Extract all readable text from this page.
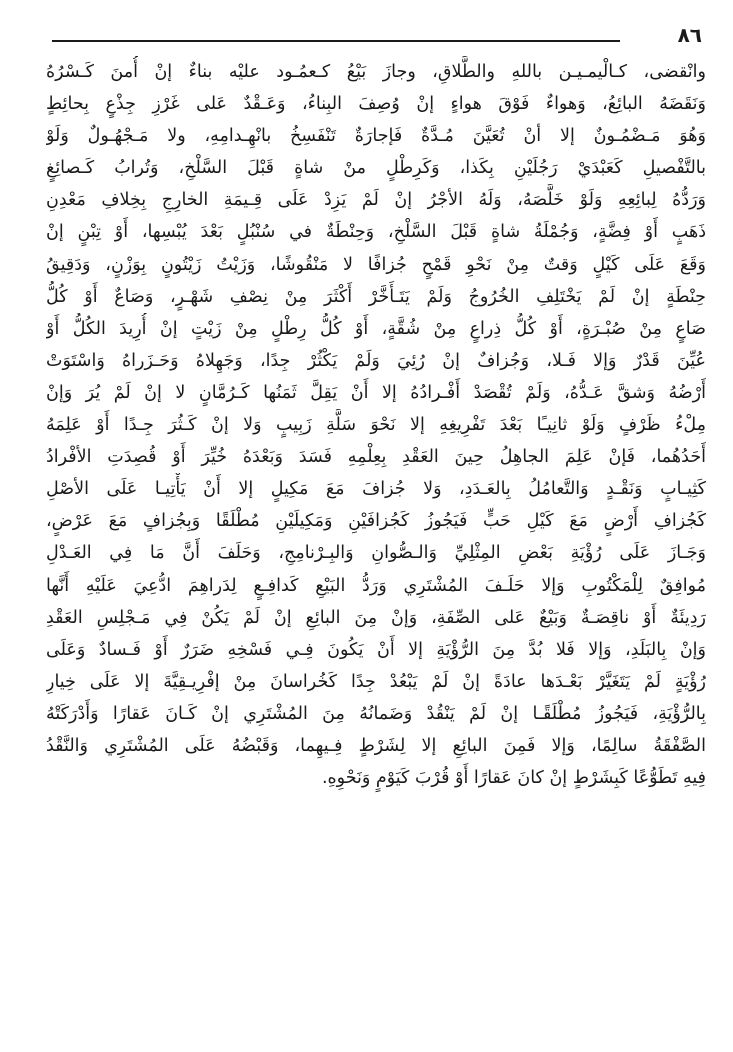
٨٦
وانْقضى، كـالْيمـيـن باللهِ والطَّلاقِ، وجازَ بَيْعُ كـعمُـود عليْه بناءٌ إنْ أُمنَ كَـسْرُهُ
وَنَقَضَهُ البائِعُ، وَهواءٌ فَوْقَ هواءٍ إنْ وُصِفَ البِناءُ، وَعَـقْدٌ عَلى غَرْزِ جِذْعٍ بِحائِطٍ
وَهُوَ مَـضْمُـونٌ إلا أنْ تُعَيَّنَ مُـدَّةٌ فَإجارَةٌ تَنْفَسِخُ بانْهِـدامِهِ، ولا مَـجْهُـولٌ وَلَوْ
بالتَّفْصيلِ كَعَبْدَيْ رَجُلَيْنِ بِكَذا، وَكَرِطْلٍ منْ شاةٍ قَبْلَ السَّلْخِ، وَتُرابُ كَـصائِغٍ
وَرَدُّهُ لِبائِعِهِ وَلَوْ خَلَّصَهُ، وَلَهُ الأجْرُ إنْ لَمْ يَزِدْ عَلَى قِـيمَةِ الخارِجِ بِخِلافِ مَعْدِنِ
ذَهَبٍ أَوْ فِضَّةٍ، وَجُمْلَةُ شاةٍ قَبْلَ السَّلْخِ، وَحِنْطَةٌ في سُنْبُلٍ بَعْدَ يُبْسِها، أَوْ تِبْنٍ إنْ
وَقَعَ عَلَى كَيْلٍ وَقتٌ مِنْ نَحْوِ قَمْحٍ جُزافًا لا مَنْقُوشًا، وَزَيْتُ زَيْتُونٍ بِوَزْنٍ، وَدَقِيقُ
حِنْطَةٍ إنْ لَمْ يَخْتَلِفِ الخُرُوجُ وَلَمْ يَتَـأَخَّرْ أَكْثَرَ مِنْ نِصْفِ شَهْـرٍ، وَصَاعٌ أَوْ كُلُّ
صَاعٍ مِنْ صُبْـرَةٍ، أَوْ كُلُّ ذِراعٍ مِنْ شُقَّةٍ، أَوْ كُلُّ رِطْلٍ مِنْ زَيْتٍ إنْ أُرِيدَ الكُلُّ أَوْ
عُيِّنَ قَدْرٌ وَإلا فَـلا، وَجُزافٌ إنْ رُئِيَ وَلَمْ يَكْثُرْ جِدًا، وَجَهِلاهُ وَحَـزَراهُ وَاسْتَوَتْ
أَرْضُهُ وَشقَّ عَـدُّهُ، وَلَمْ تُقْصَدْ أَفْـرادُهُ إلا أَنْ يَقِلَّ ثَمَنُها كَـرُمَّانٍ لا إنْ لَمْ يُرَ وَإنْ
مِلْءُ ظَرْفٍ وَلَوْ ثانِيـًا بَعْدَ تَفْرِيغِهِ إلا نَحْوَ سَلَّةِ زَبِيبٍ وَلا إنْ كَـثُرَ جِـدًا أَوْ عَلِمَهُ
أَحَدُهُما، فَإنْ عَلِمَ الجاهِلُ حِينَ العَقْدِ بِعِلْمِهِ فَسَدَ وَبَعْدَهُ خُيِّرَ أَوْ قُصِدَتِ الأفْرادُ
كَثِيـابٍ وَنَقْـدٍ وَالتَّعامُلُ بِالعَـدَدِ، وَلا جُزافَ مَعَ مَكِيلٍ إلا أَنْ يَأْتِيـا عَلَى الأصْلِ
كَجُزافِ أَرْضٍ مَعَ كَيْلِ حَبٍّ فَيَجُوزُ كَجُزافَيْنِ وَمَكِيلَيْنِ مُطْلَقًا وَبِجُزافٍ مَعَ عَرْضٍ،
وَجَـازَ عَلَى رُؤْيَةِ بَعْضِ المِثْلِيِّ وَالـصُّوانِ وَالبِـرْنامِجِ، وَحَلَفَ أَنَّ مَا فِي العَـدْلِ
مُوافِقٌ لِلْمَكْتُوبِ وَإلا حَلَـفَ المُشْتَرِي وَرَدُّ البَيْعِ كَدافِـعٍ لِدَراهِمَ ادُّعِيَ عَلَيْهِ أَنَّها
رَدِيئَةٌ أَوْ ناقِصَـةٌ وَبَيْعٌ عَلى الصِّفَةِ، وَإنْ مِنَ البائِعِ إنْ لَمْ يَكُنْ فِي مَـجْلِسِ العَقْدِ
وَإنْ بِالبَلَدِ، وَإلا فَلا بُدَّ مِنَ الرُّؤْيَةِ إلا أَنْ يَكُونَ فِـي فَسْخِهِ ضَرَرٌ أَوْ فَـسادٌ وَعَلَى
رُؤْيَةٍ لَمْ يَتَغَيَّرْ بَعْـدَها عادَةً إنْ لَمْ يَبْعُدْ جِدًا كَخُراسانَ مِنْ إفْرِيـقِيَّةَ إلا عَلَى خِيارِ
بِالرُّؤْيَةِ، فَيَجُوزُ مُطْلَقًـا إنْ لَمْ يَنْقُدْ وَضَمانُهُ مِنَ المُشْتَرِي إنْ كَـانَ عَقارًا وَأَدْرَكَتْهُ
الصَّفْقَةُ سالِمًا، وَإلا فَمِنَ البائِعِ إلا لِشَرْطٍ فِـيهِما، وَقَبْضُهُ عَلَى المُشْتَرِي وَالنَّقْدُ
فِيهِ تَطَوُّعًا كَبِشَرْطٍ إنْ كانَ عَقارًا أَوْ قُرْبَ كَيَوْمٍ وَنَحْوِهِ.
